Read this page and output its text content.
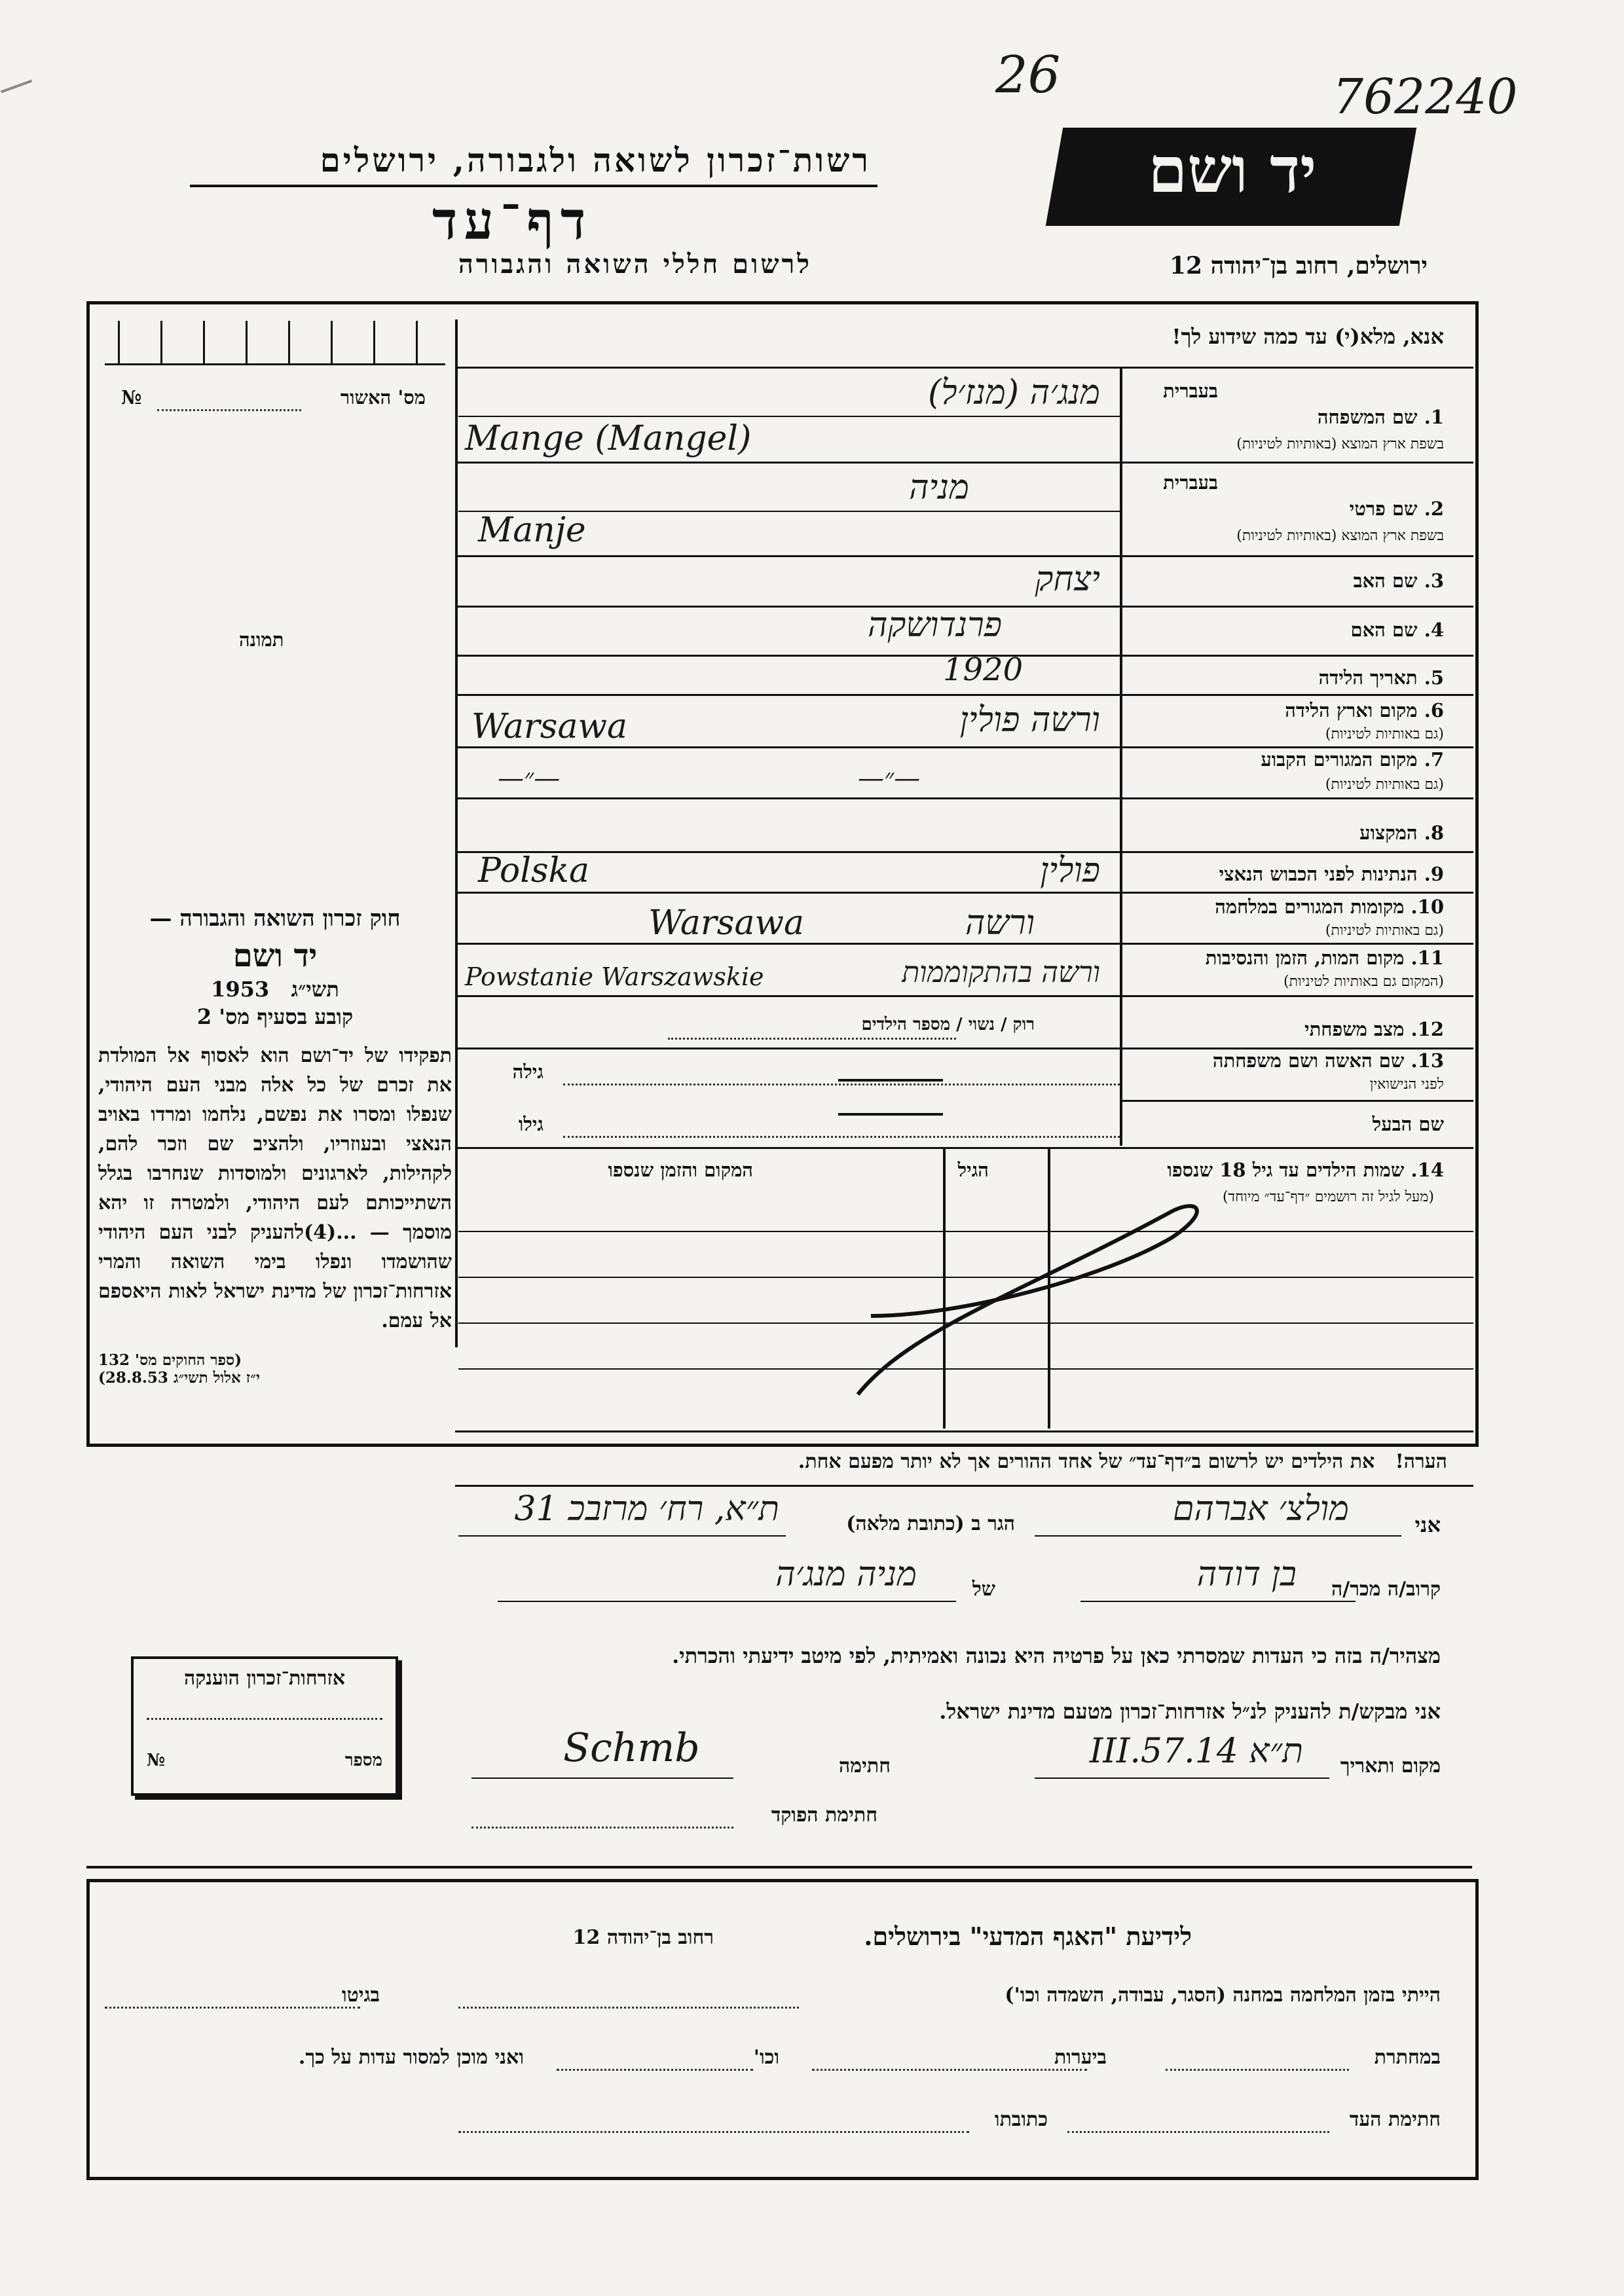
26	762240
רשות־זכרון לשואה ולגבורה, ירושלים
דף־עד
לרשום חללי השואה והגבורה
יד ושם
ירושלים, רחוב בן־יהודה 12
מס' האשור
№
תמונה
חוק זכרון השואה והגבורה —
יד ושם
תשי״ג   1953
קובע בסעיף מס' 2
תפקידו של יד־ושם הוא לאסוף אל המולדת את זכרם של כל אלה מבני העם היהודי, שנפלו ומסרו את נפשם, נלחמו ומרדו באויב הנאצי ובעוזריו, ולהציב שם וזכר להם, לקהילות, לארגונים ולמוסדות שנחרבו בגלל השתייכותם לעם היהודי, ולמטרה זו יהא מוסמך — ...(4)להעניק לבני העם היהודי שהושמדו ונפלו בימי השואה והמרי אזרחות־זכרון של מדינת ישראל לאות היאספם אל עמם.
(ספר החוקים מס' 132
י״ז אלול תשי״ג 28.8.53)
אנא, מלא(י) עד כמה שידוע לך!
בעברית
1. שם המשפחה
בשפת ארץ המוצא (באותיות לטיניות)
מנג׳ה (מנז׳ל)
Mange (Mangel)
בעברית
2. שם פרטי
בשפת ארץ המוצא (באותיות לטיניות)
מניה
Manje
3. שם האב
יצחק
4. שם האם
פרנדושקה
5. תאריך הלידה
1920
6. מקום וארץ הלידה
(גם באותיות לטיניות)
ורשה פולין
Warsawa
7. מקום המגורים הקבוע
(גם באותיות לטיניות)
—״—	—״—
8. המקצוע
9. הנתינות לפני הכבוש הנאצי
פולין
Polska
10. מקומות המגורים במלחמה
(גם באותיות לטיניות)
ורשה
Warsawa
11. מקום המות, הזמן והנסיבות
(המקום גם באותיות לטיניות)
ורשה בהתקוממות
Powstanie Warszawskie
12. מצב משפחתי
רוק / נשוי / מספר הילדים
13. שם האשה ושם משפחתה
לפני הנישואין
גילה
שם הבעל
גילו
14. שמות הילדים עד גיל 18 שנספו
(מעל לגיל זה רושמים ״דף־עד״ מיוחד)
הגיל
המקום והזמן שנספו
הערה!   את הילדים יש לרשום ב״דף־עד״ של אחד ההורים אך לא יותר מפעם אחת.
אני
מולצ׳ אברהם
הגר ב (כתובת מלאה)
ת״א, רח׳ מרזבכ 31
קרוב/ה מכר/ה
בן דודה
של
מניה מנג׳ה
מצהיר/ה בזה כי העדות שמסרתי כאן על פרטיה היא נכונה ואמיתית, לפי מיטב ידיעתי והכרתי.
אני מבקש/ת להעניק לנ״ל אזרחות־זכרון מטעם מדינת ישראל.
מקום ותאריך
ת״א 14.III.57
חתימה
Schmb
חתימת הפוקד
אזרחות־זכרון הוענקה
מספר
№
לידיעת "האגף המדעי" בירושלים.
רחוב בן־יהודה 12
הייתי בזמן המלחמה במחנה (הסגר, עבודה, השמדה וכו')
בגיטו
במחתרת
ביערות
וכו'
ואני מוכן למסור עדות על כך.
חתימת העד
כתובתו
